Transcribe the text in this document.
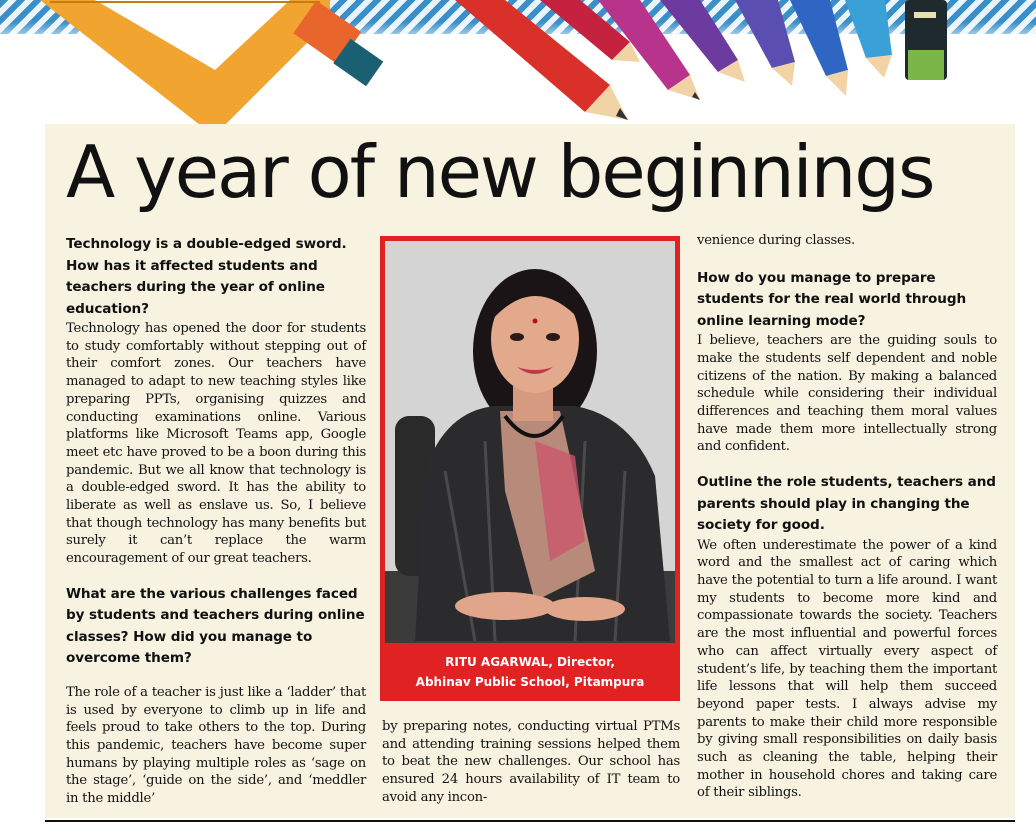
A year of new beginnings

Technology is a double-edged sword. How has it affected students and teachers during the year of online education?

Technology has opened the door for students to study comfortably without stepping out of their comfort zones. Our teachers have managed to adapt to new teaching styles like preparing PPTs, organising quizzes and conducting examinations online. Various platforms like Microsoft Teams app, Google meet etc have proved to be a boon during this pandemic. But we all know that technology is a double-edged sword. It has the ability to liberate as well as enslave us. So, I believe that though technology has many benefits but surely it can’t replace the warm encouragement of our great teachers.

What are the various challenges faced by students and teachers during online classes? How did you manage to overcome them?

The role of a teacher is just like a ‘ladder’ that is used by everyone to climb up in life and feels proud to take others to the top. During this pandemic, teachers have become super humans by playing multiple roles as ‘sage on the stage’, ‘guide on the side’, and ‘meddler in the middle’

RITU AGARWAL, Director,
Abhinav Public School, Pitampura

by preparing notes, conducting virtual PTMs and attending training sessions helped them to beat the new challenges. Our school has ensured 24 hours availability of IT team to avoid any incon-

venience during classes.

How do you manage to prepare students for the real world through online learning mode?

I believe, teachers are the guiding souls to make the students self dependent and noble citizens of the nation. By making a balanced schedule while considering their individual differences and teaching them moral values have made them more intellectually strong and confident.

Outline the role students, teachers and parents should play in changing the society for good.

We often underestimate the power of a kind word and the smallest act of caring which have the potential to turn a life around. I want my students to become more kind and compassionate towards the society. Teachers are the most influential and powerful forces who can affect virtually every aspect of student’s life, by teaching them the important life lessons that will help them succeed beyond paper tests. I always advise my parents to make their child more responsible by giving small responsibilities on daily basis such as cleaning the table, helping their mother in household chores and taking care of their siblings.
